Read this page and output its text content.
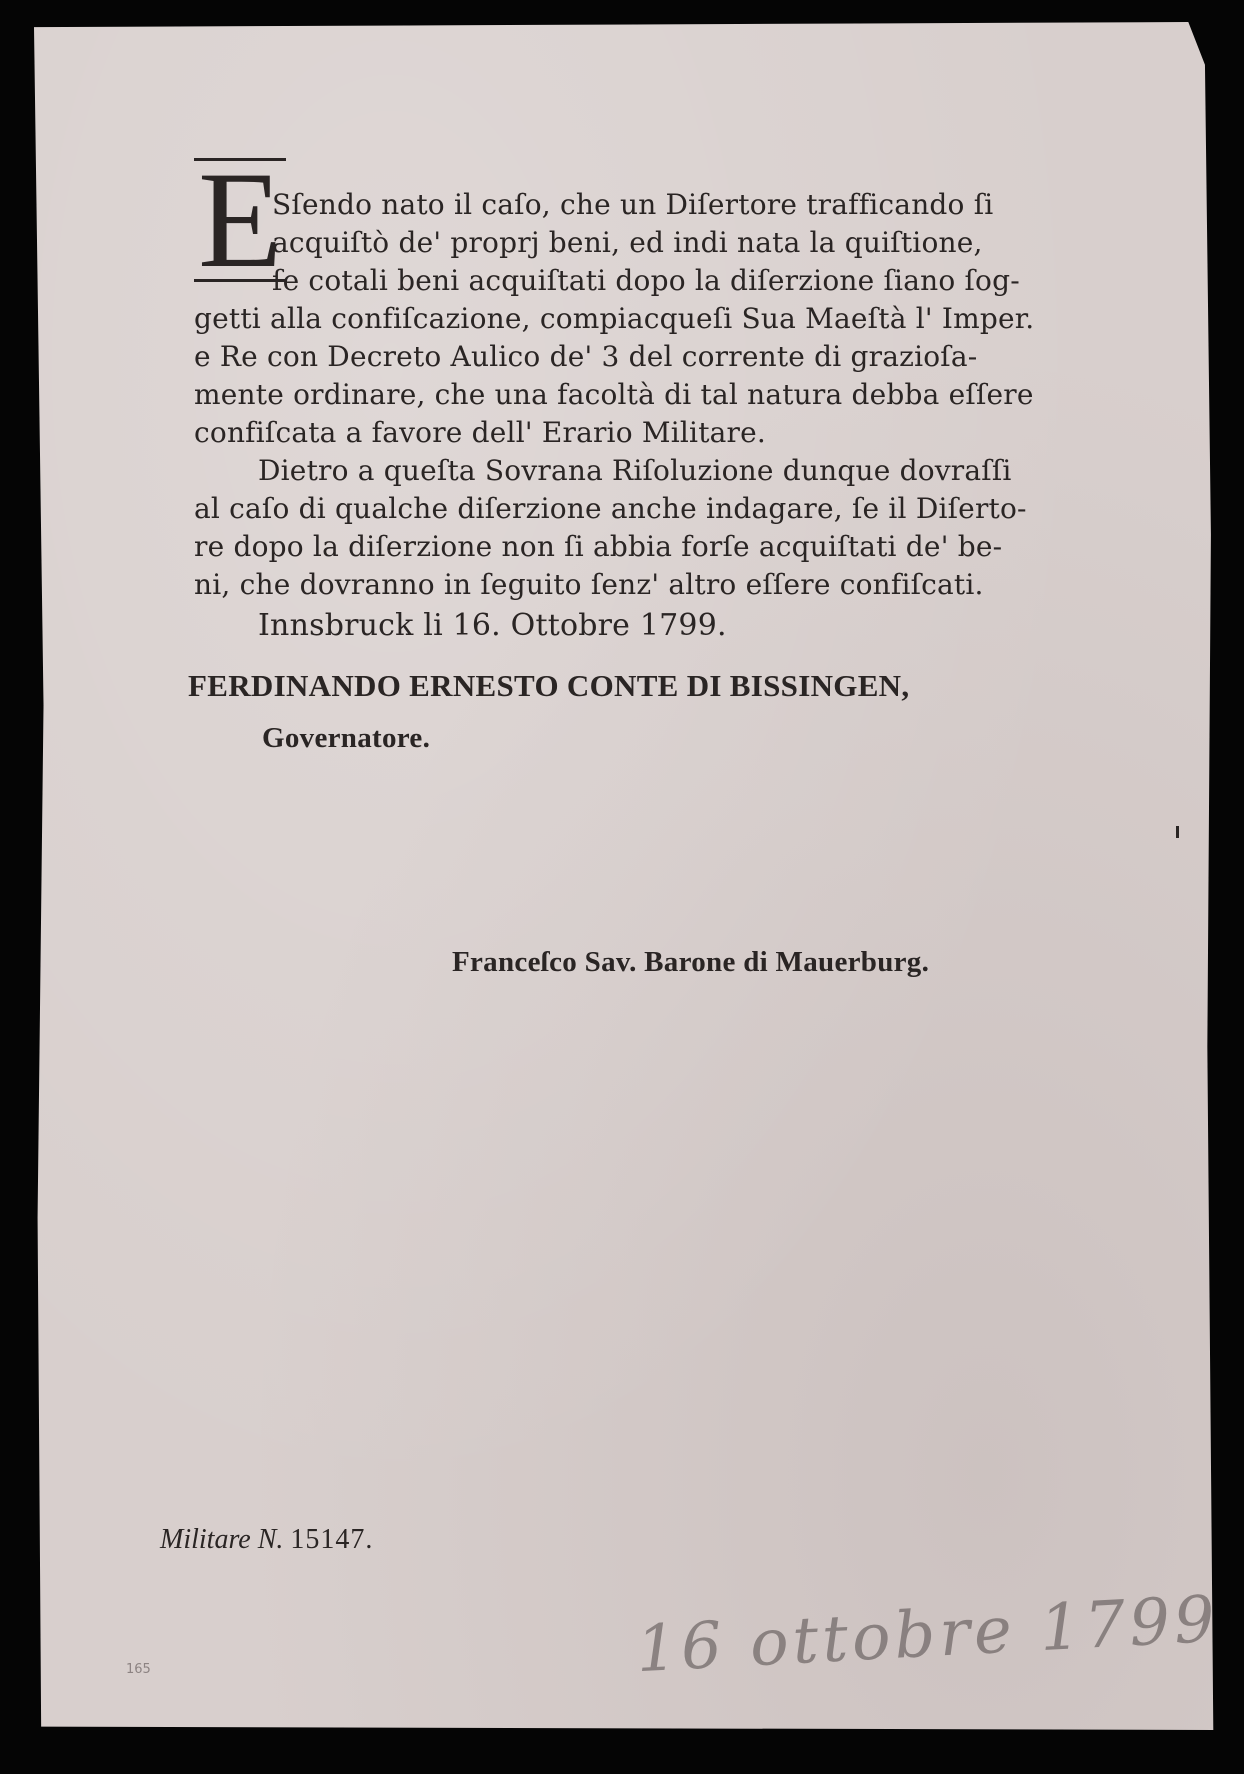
E
Sſendo nato il caſo, che un Diſertore trafficando ſi
acquiſtò de' proprj beni, ed indi nata la quiſtione,
ſe cotali beni acquiſtati dopo la diſerzione ſiano ſog-
getti alla confiſcazione, compiacqueſi Sua Maeſtà l' Imper.
e Re con Decreto Aulico de' 3 del corrente di grazioſa-
mente ordinare, che una facoltà di tal natura debba eſſere
confiſcata a favore dell' Erario Militare.
Dietro a queſta Sovrana Riſoluzione dunque dovraſſi
al caſo di qualche diſerzione anche indagare, ſe il Diſerto-
re dopo la diſerzione non ſi abbia forſe acquiſtati de' be-
ni, che dovranno in ſeguito ſenz' altro eſſere confiſcati.
Innsbruck li 16. Ottobre 1799.
FERDINANDO ERNESTO CONTE DI BISSINGEN,
Governatore.
Franceſco Sav. Barone di Mauerburg.
Militare N. 15147.
16 ottobre 1799
165
